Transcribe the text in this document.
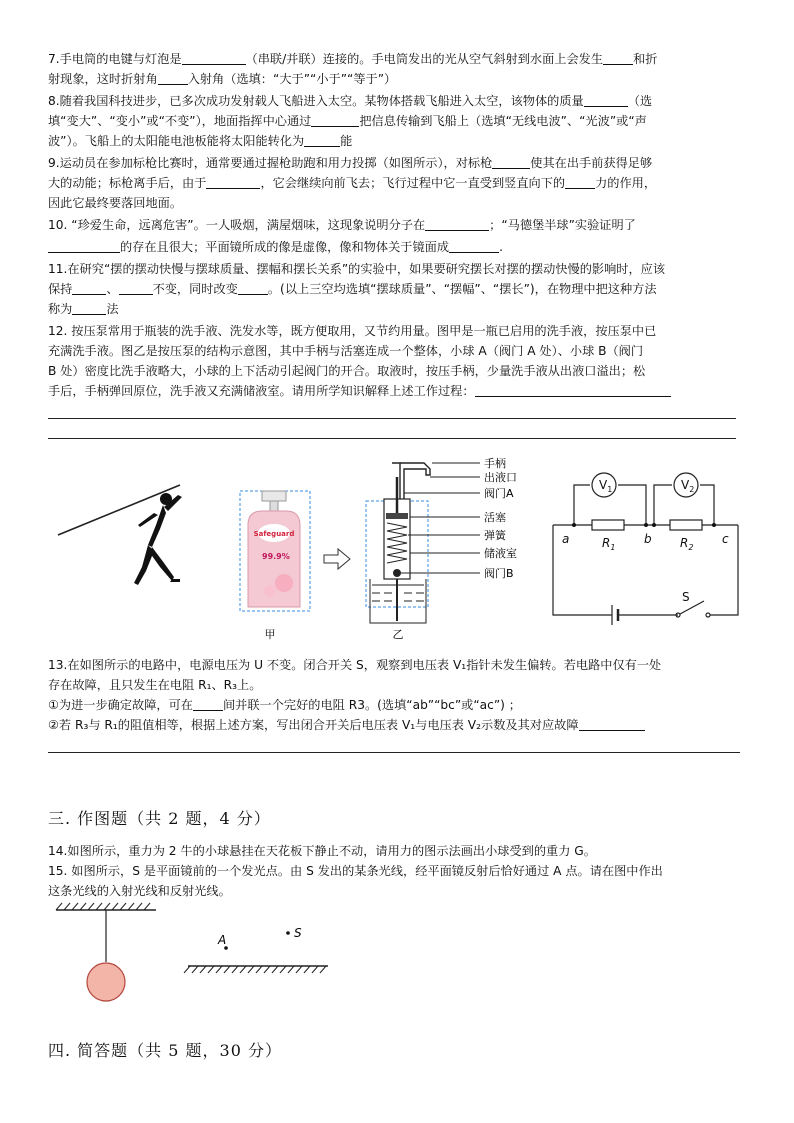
7.手电筒的电键与灯泡是	（串联/并联）连接的。手电筒发出的光从空气斜射到水面上会发生 和折
射现象，这时折射角 入射角（选填：“大于”“小于”“等于”）
8.随着我国科技进步，已多次成功发射载人飞船进入太空。某物体搭载飞船进入太空，该物体的质量	（选
填“变大”、“变小”或“不变”），地面指挥中心通过	把信息传输到飞船上（选填“无线电波”、“光波”或“声
波”）。飞船上的太阳能电池板能将太阳能转化为	能
9.运动员在参加标枪比赛时，通常要通过握枪助跑和用力投掷（如图所示），对标枪	使其在出手前获得足够
大的动能；标枪离手后，由于	，它会继续向前飞去；飞行过程中它一直受到竖直向下的 力的作用，
因此它最终要落回地面。
10. “珍爱生命，远离危害”。一人吸烟，满屋烟味，这现象说明分子在	；“马德堡半球”实验证明了
的存在且很大；平面镜所成的像是虚像，像和物体关于镜面成	.
11.在研究“摆的摆动快慢与摆球质量、摆幅和摆长关系”的实验中，如果要研究摆长对摆的摆动快慢的影响时，应该
保持	、	不变，同时改变 。(以上三空均选填“摆球质量”、“摆幅”、“摆长”)，在物理中把这种方法
称为	法
12. 按压泵常用于瓶装的洗手液、洗发水等，既方便取用，又节约用量。图甲是一瓶已启用的洗手液，按压泵中已
充满洗手液。图乙是按压泵的结构示意图，其中手柄与活塞连成一个整体，小球 A（阀门 A 处）、小球 B（阀门
B 处）密度比洗手液略大，小球的上下活动引起阀门的开合。取液时，按压手柄，少量洗手液从出液口溢出；松
手后，手柄弹回原位，洗手液又充满储液室。请用所学知识解释上述工作过程：
Safeguard
99.9%
甲
手柄
出液口
阀门A
活塞
弹簧
储液室
阀门B
乙
$V_1$	$V_2$
$R_1$	$R_2$
a	b	c
S
13.在如图所示的电路中，电源电压为 U 不变。闭合开关 S，观察到电压表 V₁指针未发生偏转。若电路中仅有一处
存在故障，且只发生在电阻 R₁、R₃上。
①为进一步确定故障，可在 间并联一个完好的电阻 R3。(选填“ab”“bc”或“ac”) ；
②若 R₃与 R₁的阻值相等，根据上述方案，写出闭合开关后电压表 V₁与电压表 V₂示数及其对应故障
三. 作图题（共 2 题，4 分）
14.如图所示，重力为 2 牛的小球悬挂在天花板下静止不动，请用力的图示法画出小球受到的重力 G。
15. 如图所示，S 是平面镜前的一个发光点。由 S 发出的某条光线，经平面镜反射后恰好通过 A 点。请在图中作出
这条光线的入射光线和反射光线。
A	S
四. 简答题（共 5 题，30 分）
